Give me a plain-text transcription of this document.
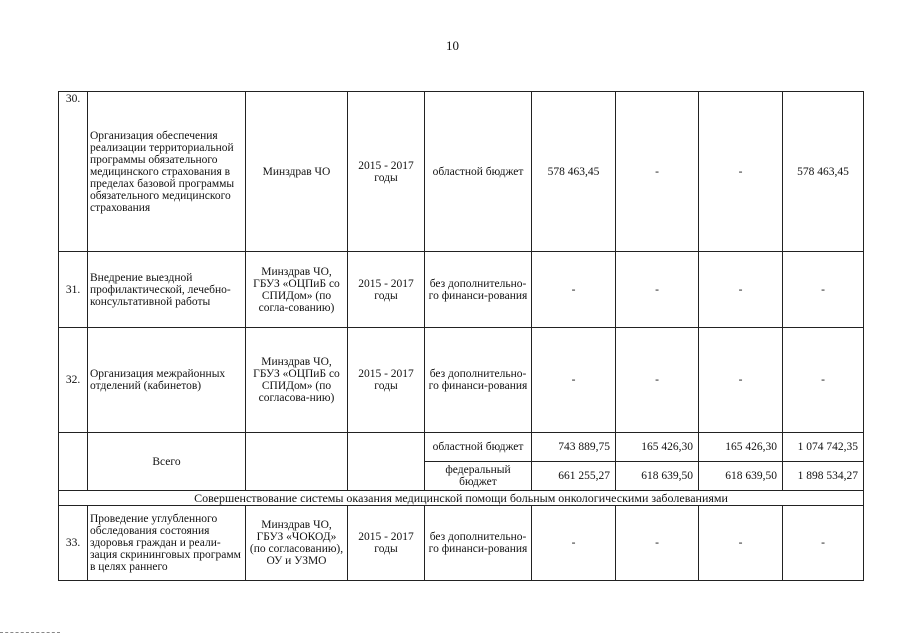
10
30.	Организация обеспечения реализации территориальной программы обязательного медицинского страхования в пределах базовой программы обязательного медицинского страхования	Минздрав ЧО	2015 - 2017 годы	областной бюджет	578 463,45	-	-	578 463,45
31.	Внедрение выездной профилактической, лечебно-консультативной работы	Минздрав ЧО, ГБУЗ «ОЦПиБ со СПИДом» (по согла-сованию)	2015 - 2017 годы	без дополнительно-го финанси-рования	-	-	-	-
32.	Организация межрайонных отделений (кабинетов)	Минздрав ЧО, ГБУЗ «ОЦПиБ со СПИДом» (по согласова-нию)	2015 - 2017 годы	без дополнительно-го финанси-рования	-	-	-	-
	Всего			областной бюджет	743 889,75	165 426,30	165 426,30	1 074 742,35
				федеральный бюджет	661 255,27	618 639,50	618 639,50	1 898 534,27
Совершенствование системы оказания медицинской помощи больным онкологическими заболеваниями								
33.	Проведение углубленного обследования состояния здоровья граждан и реали-зация скрининговых программ в целях раннего	Минздрав ЧО, ГБУЗ «ЧОКОД» (по согласованию), ОУ и УЗМО	2015 - 2017 годы	без дополнительно-го финанси-рования	-	-	-	-
